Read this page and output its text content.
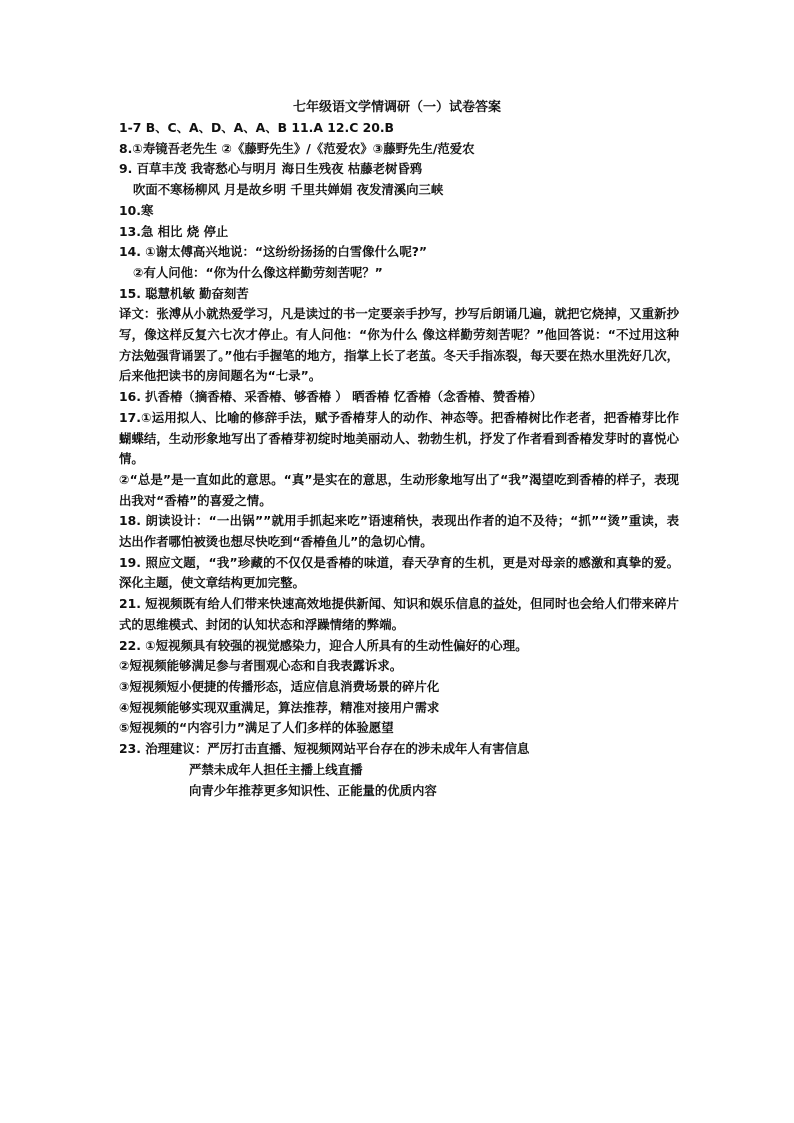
七年级语文学情调研（一）试卷答案
1-7 B、C、A、D、A、A、B 11.A 12.C 20.B
8.①寿镜吾老先生 ②《藤野先生》/《范爱农》③藤野先生/范爱农
9. 百草丰茂 我寄愁心与明月 海日生残夜 枯藤老树昏鸦
吹面不寒杨柳风 月是故乡明 千里共婵娟 夜发清溪向三峡
10.寒
13.急 相比 烧 停止
14. ①谢太傅高兴地说：“这纷纷扬扬的白雪像什么呢?”
②有人问他：“你为什么像这样勤劳刻苦呢？”
15. 聪慧机敏 勤奋刻苦
译文：张溥从小就热爱学习，凡是读过的书一定要亲手抄写，抄写后朗诵几遍，就把它烧掉，又重新抄写，像这样反复六七次才停止。有人问他：“你为什么 像这样勤劳刻苦呢？”他回答说：“不过用这种方法勉强背诵罢了。”他右手握笔的地方，指掌上长了老茧。冬天手指冻裂，每天要在热水里洗好几次，后来他把读书的房间题名为“七录”。
16. 扒香椿（摘香椿、采香椿、够香椿 ） 晒香椿 忆香椿（念香椿、赞香椿）
17.①运用拟人、比喻的修辞手法，赋予香椿芽人的动作、神态等。把香椿树比作老者，把香椿芽比作蝴蝶结，生动形象地写出了香椿芽初绽时地美丽动人、勃勃生机，抒发了作者看到香椿发芽时的喜悦心情。
②“总是”是一直如此的意思。“真”是实在的意思，生动形象地写出了“我”渴望吃到香椿的样子，表现出我对“香椿”的喜爱之情。
18. 朗读设计：“一出锅””就用手抓起来吃”语速稍快，表现出作者的迫不及待；“抓”“烫”重读，表达出作者哪怕被烫也想尽快吃到“香椿鱼儿”的急切心情。
19. 照应文题，“我”珍藏的不仅仅是香椿的味道，春天孕育的生机，更是对母亲的感激和真挚的爱。深化主题，使文章结构更加完整。
21. 短视频既有给人们带来快速高效地提供新闻、知识和娱乐信息的益处，但同时也会给人们带来碎片式的思维模式、封闭的认知状态和浮躁情绪的弊端。
22. ①短视频具有较强的视觉感染力，迎合人所具有的生动性偏好的心理。
②短视频能够满足参与者围观心态和自我表露诉求。
③短视频短小便捷的传播形态，适应信息消费场景的碎片化
④短视频能够实现双重满足，算法推荐，精准对接用户需求
⑤短视频的“内容引力”满足了人们多样的体验愿望
23. 治理建议：严厉打击直播、短视频网站平台存在的涉未成年人有害信息
严禁未成年人担任主播上线直播
向青少年推荐更多知识性、正能量的优质内容
